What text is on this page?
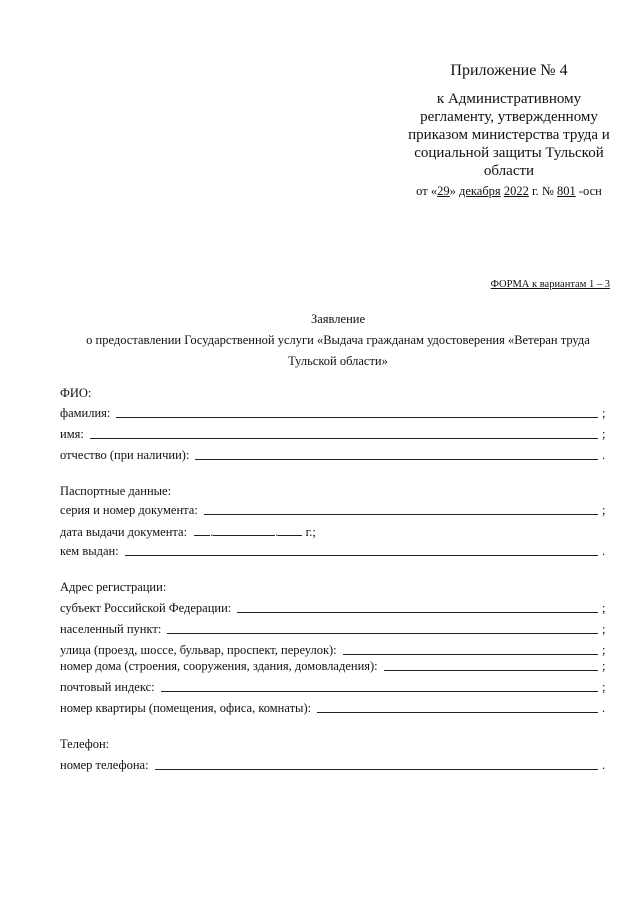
Приложение № 4
к Административному
регламенту, утвержденному
приказом министерства труда и
социальной защиты Тульской
области
от «29» декабря 2022 г. № 801 -осн
ФОРМА к вариантам 1 – 3
Заявление
о предоставлении Государственной услуги «Выдача гражданам удостоверения «Ветеран труда
Тульской области»
ФИО:
фамилия:	;
имя:	;
отчество (при наличии):	.
Паспортные данные:
серия и номер документа:	;
дата выдачи документа: .	. г.;
кем выдан:	.
Адрес регистрации:
субъект Российской Федерации:	;
населенный пункт:	;
улица (проезд, шоссе, бульвар, проспект, переулок):	;
номер дома (строения, сооружения, здания, домовладения):	;
почтовый индекс:	;
номер квартиры (помещения, офиса, комнаты):	.
Телефон:
номер телефона:	.
